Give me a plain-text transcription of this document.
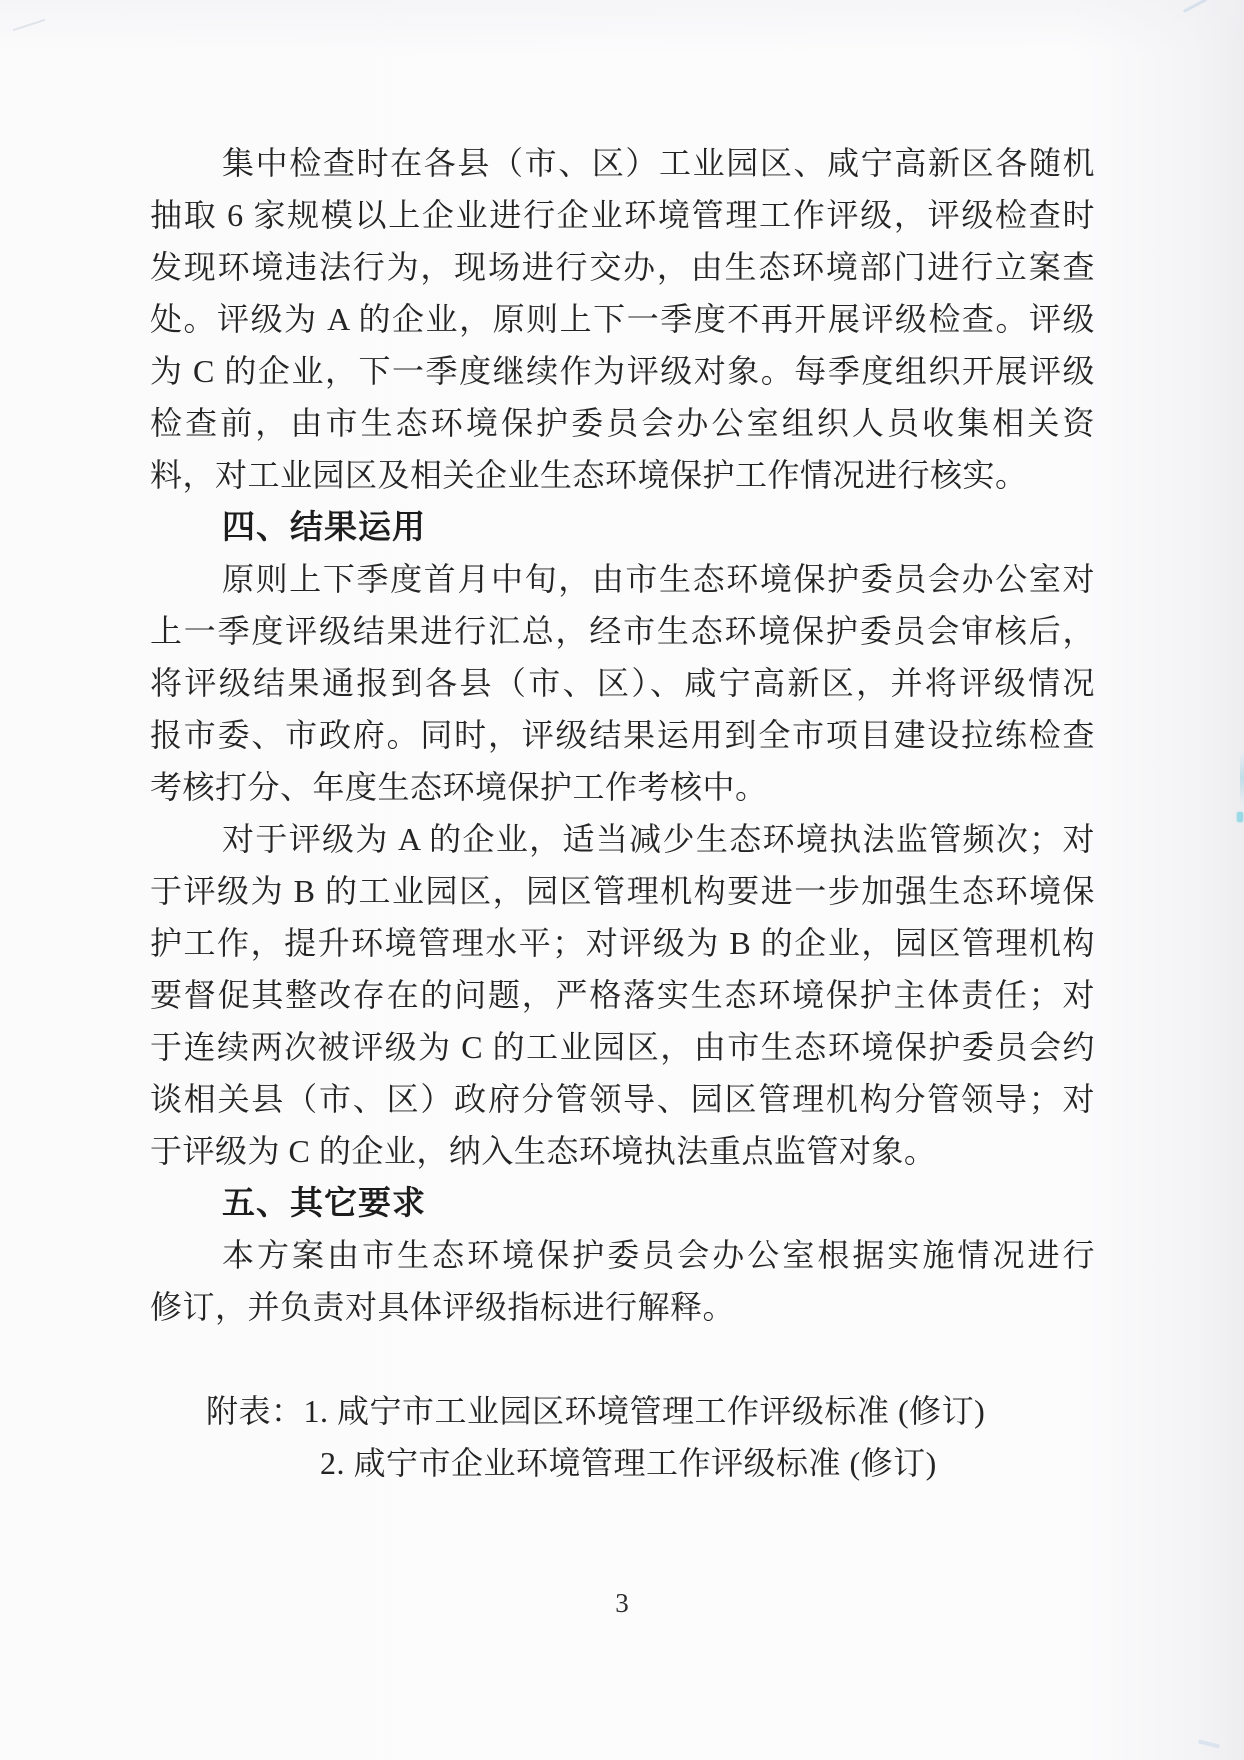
集中检查时在各县（市、区）工业园区、咸宁高新区各随机
抽取 6 家规模以上企业进行企业环境管理工作评级，评级检查时
发现环境违法行为，现场进行交办，由生态环境部门进行立案查
处。评级为 A 的企业，原则上下一季度不再开展评级检查。评级
为 C 的企业，下一季度继续作为评级对象。每季度组织开展评级
检查前，由市生态环境保护委员会办公室组织人员收集相关资
料，对工业园区及相关企业生态环境保护工作情况进行核实。
四、结果运用
原则上下季度首月中旬，由市生态环境保护委员会办公室对
上一季度评级结果进行汇总，经市生态环境保护委员会审核后，
将评级结果通报到各县（市、区）、咸宁高新区，并将评级情况
报市委、市政府。同时，评级结果运用到全市项目建设拉练检查
考核打分、年度生态环境保护工作考核中。
对于评级为 A 的企业，适当减少生态环境执法监管频次；对
于评级为 B 的工业园区，园区管理机构要进一步加强生态环境保
护工作，提升环境管理水平；对评级为 B 的企业，园区管理机构
要督促其整改存在的问题，严格落实生态环境保护主体责任；对
于连续两次被评级为 C 的工业园区，由市生态环境保护委员会约
谈相关县（市、区）政府分管领导、园区管理机构分管领导；对
于评级为 C 的企业，纳入生态环境执法重点监管对象。
五、其它要求
本方案由市生态环境保护委员会办公室根据实施情况进行
修订，并负责对具体评级指标进行解释。
附表：1. 咸宁市工业园区环境管理工作评级标准 (修订)
2. 咸宁市企业环境管理工作评级标准 (修订)
3
